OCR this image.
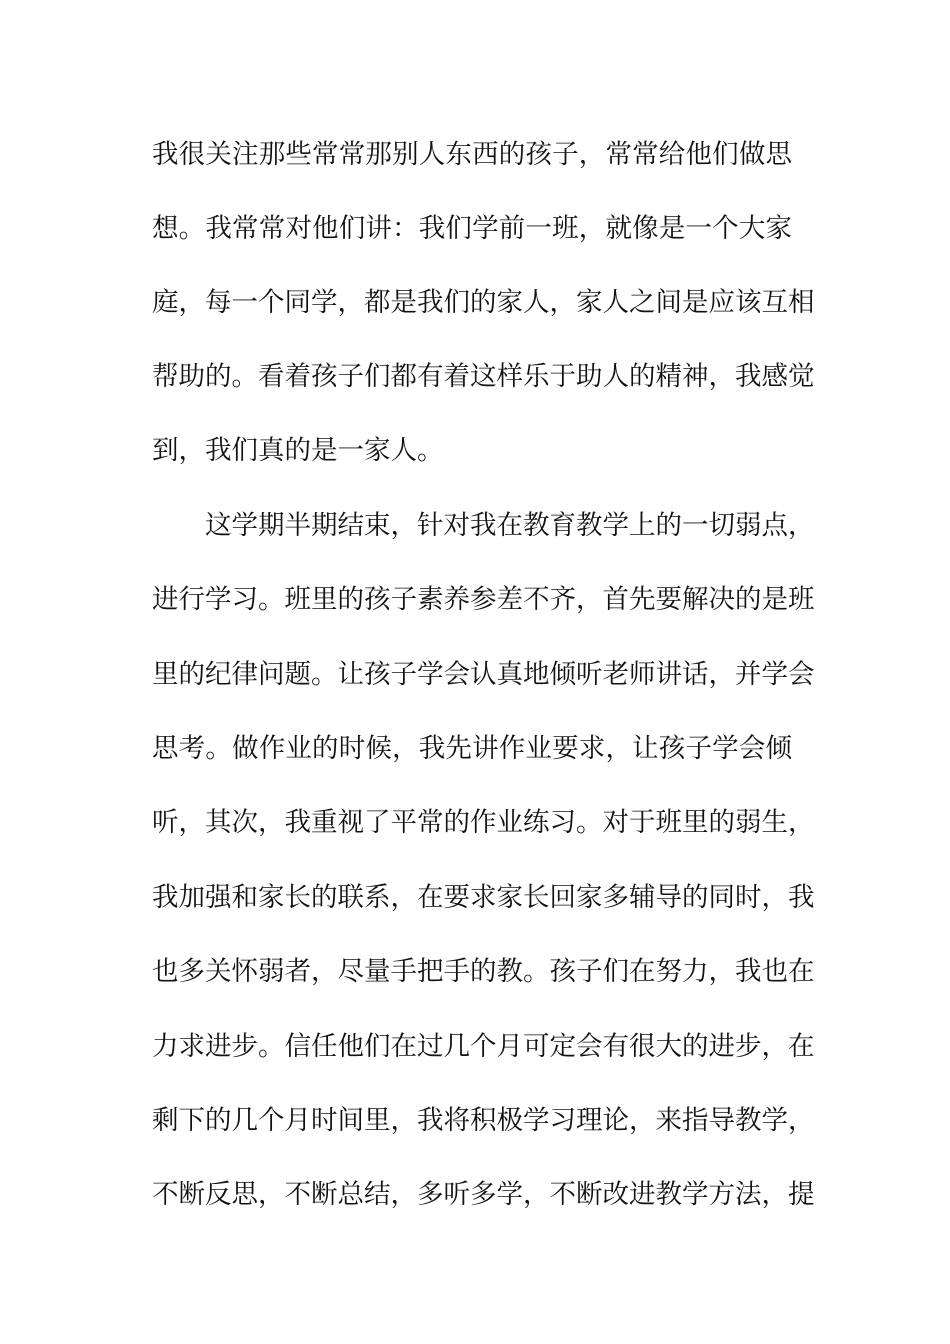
我很关注那些常常那别人东西的孩子，常常给他们做思
想。我常常对他们讲：我们学前一班，就像是一个大家
庭，每一个同学，都是我们的家人，家人之间是应该互相
帮助的。看着孩子们都有着这样乐于助人的精神，我感觉
到，我们真的是一家人。
这学期半期结束，针对我在教育教学上的一切弱点，
进行学习。班里的孩子素养参差不齐，首先要解决的是班
里的纪律问题。让孩子学会认真地倾听老师讲话，并学会
思考。做作业的时候，我先讲作业要求，让孩子学会倾
听，其次，我重视了平常的作业练习。对于班里的弱生，
我加强和家长的联系，在要求家长回家多辅导的同时，我
也多关怀弱者，尽量手把手的教。孩子们在努力，我也在
力求进步。信任他们在过几个月可定会有很大的进步，在
剩下的几个月时间里，我将积极学习理论，来指导教学，
不断反思，不断总结，多听多学，不断改进教学方法，提
